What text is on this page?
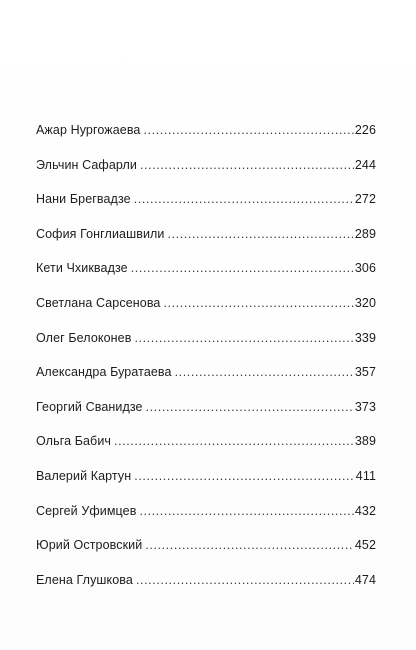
Ажар Нургожаева .....	226
Эльчин Сафарли .....	244
Нани Брегвадзе .....	272
София Гонглиашвили .....	289
Кети Чхиквадзе .....	306
Светлана Сарсенова .....	320
Олег Белоконев .....	339
Александра Буратаева .....	357
Георгий Сванидзе .....	373
Ольга Бабич .....	389
Валерий Картун .....	411
Сергей Уфимцев .....	432
Юрий Островский .....	452
Елена Глушкова .....	474
